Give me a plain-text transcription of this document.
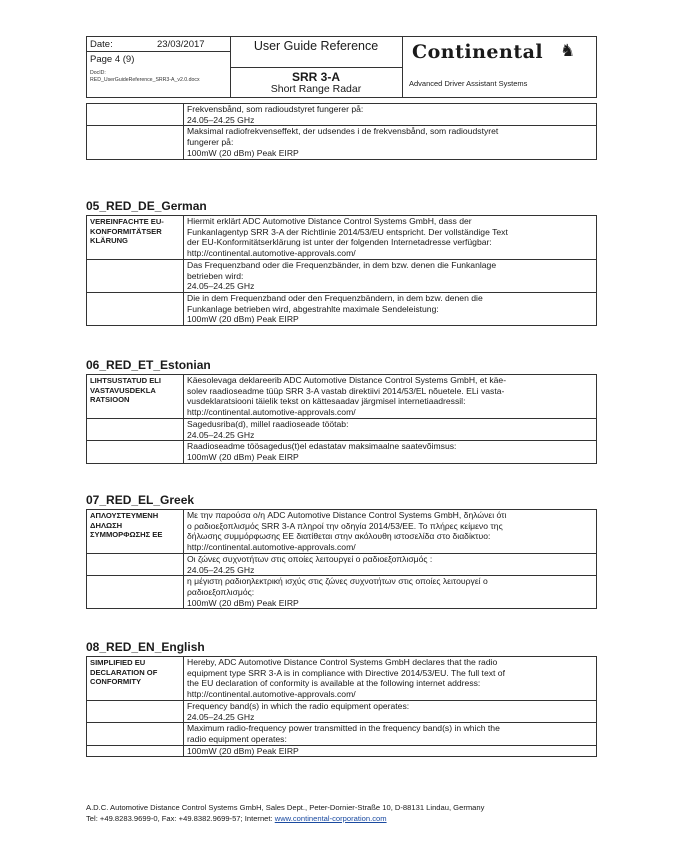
Date:	23/03/2017
Page 4 (9)
DocID:
RED_UserGuideReference_SRR3-A_v2.0.docx
User Guide Reference
SRR 3-A
Short Range Radar
Continental ♞
Advanced Driver Assistant Systems

	Frekvensbånd, som radioudstyret fungerer på:

24.05–24.25 GHz

	Maksimal radiofrekvenseffekt, der udsendes i de frekvensbånd, som radioudstyret

fungerer på:

100mW (20 dBm) Peak EIRP

05_RED_DE_German
VEREINFACHTE EU-KONFORMITÄTSER KLÄRUNG	Hiermit erklärt ADC Automotive Distance Control Systems GmbH, dass der

Funkanlagentyp SRR 3-A der Richtlinie 2014/53/EU entspricht. Der vollständige Text

der EU-Konformitätserklärung ist unter der folgenden Internetadresse verfügbar:

http://continental.automotive-approvals.com/

	Das Frequenzband oder die Frequenzbänder, in dem bzw. denen die Funkanlage

betrieben wird:

24.05–24.25 GHz

	Die in dem Frequenzband oder den Frequenzbändern, in dem bzw. denen die

Funkanlage betrieben wird, abgestrahlte maximale Sendeleistung:

100mW (20 dBm) Peak EIRP

06_RED_ET_Estonian
LIHTSUSTATUD ELI VASTAVUSDEKLA RATSIOON	Käesolevaga deklareerib ADC Automotive Distance Control Systems GmbH, et käe-

solev raadioseadme tüüp SRR 3-A vastab direktiivi 2014/53/EL nõuetele. ELi vasta-

vusdeklaratsiooni täielik tekst on kättesaadav järgmisel internetiaadressil:

http://continental.automotive-approvals.com/

	Sagedusriba(d), millel raadioseade töötab:

24.05–24.25 GHz

	Raadioseadme töösagedus(t)el edastatav maksimaalne saatevõimsus:

100mW (20 dBm) Peak EIRP

07_RED_EL_Greek
ΑΠΛΟΥΣΤΕΥΜΕΝΗ ΔΗΛΩΣΗ ΣΥΜΜΟΡΦΩΣΗΣ ΕΕ	Με την παρούσα ο/η ADC Automotive Distance Control Systems GmbH, δηλώνει ότι

ο ραδιοεξοπλισμός SRR 3-A πληροί την οδηγία 2014/53/ΕΕ. Το πλήρες κείμενο της

δήλωσης συμμόρφωσης ΕΕ διατίθεται στην ακόλουθη ιστοσελίδα στο διαδίκτυο:

http://continental.automotive-approvals.com/

	Οι ζώνες συχνοτήτων στις οποίες λειτουργεί ο ραδιοεξοπλισμός :

24.05–24.25 GHz

	η μέγιστη ραδιοηλεκτρική ισχύς στις ζώνες συχνοτήτων στις οποίες λειτουργεί ο

ραδιοεξοπλισμός:

100mW (20 dBm) Peak EIRP

08_RED_EN_English
SIMPLIFIED EU DECLARATION OF CONFORMITY	Hereby, ADC Automotive Distance Control Systems GmbH declares that the radio

equipment type SRR 3-A is in compliance with Directive 2014/53/EU. The full text of

the EU declaration of conformity is available at the following internet address:

http://continental.automotive-approvals.com/

	Frequency band(s) in which the radio equipment operates:

24.05–24.25 GHz

	Maximum radio-frequency power transmitted in the frequency band(s) in which the

radio equipment operates:

	100mW (20 dBm) Peak EIRP

A.D.C. Automotive Distance Control Systems GmbH, Sales Dept., Peter-Dornier-Straße 10, D-88131 Lindau, Germany
Tel: +49.8283.9699-0, Fax: +49.8382.9699-57; Internet: www.continental-corporation.com
